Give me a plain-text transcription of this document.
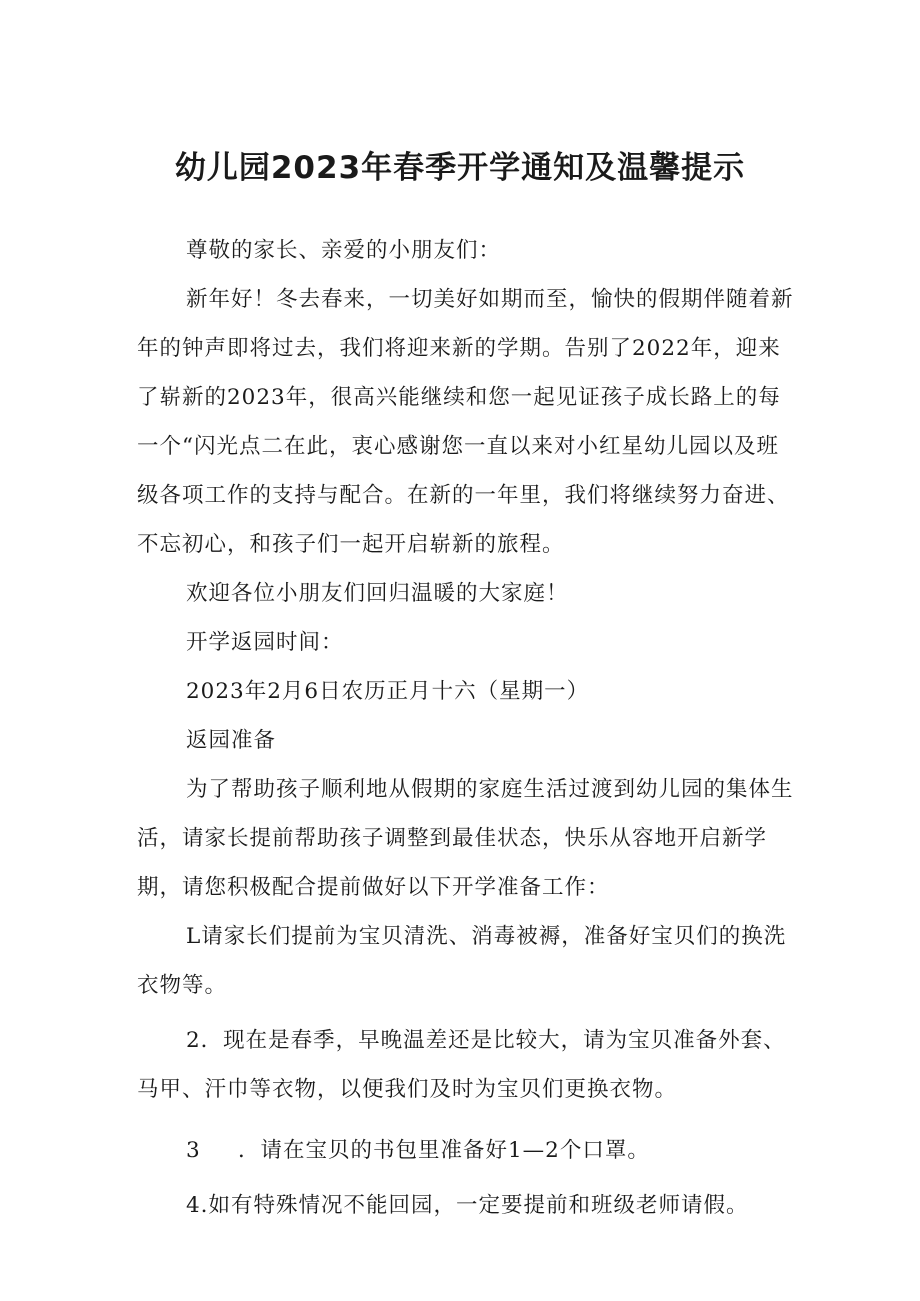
幼儿园2023年春季开学通知及温馨提示

尊敬的家长、亲爱的小朋友们：

新年好！冬去春来，一切美好如期而至，愉快的假期伴随着新年的钟声即将过去，我们将迎来新的学期。告别了2022年，迎来了崭新的2023年，很高兴能继续和您一起见证孩子成长路上的每一个“闪光点二在此，衷心感谢您一直以来对小红星幼儿园以及班级各项工作的支持与配合。在新的一年里，我们将继续努力奋进、不忘初心，和孩子们一起开启崭新的旅程。

欢迎各位小朋友们回归温暖的大家庭！

开学返园时间：

2023年2月6日农历正月十六（星期一）

返园准备

为了帮助孩子顺利地从假期的家庭生活过渡到幼儿园的集体生活，请家长提前帮助孩子调整到最佳状态，快乐从容地开启新学期，请您积极配合提前做好以下开学准备工作：

L请家长们提前为宝贝清洗、消毒被褥，准备好宝贝们的换洗衣物等。

2．现在是春季，早晚温差还是比较大，请为宝贝准备外套、马甲、汗巾等衣物，以便我们及时为宝贝们更换衣物。

3 ．请在宝贝的书包里准备好1—2个口罩。

4.如有特殊情况不能回园，一定要提前和班级老师请假。
